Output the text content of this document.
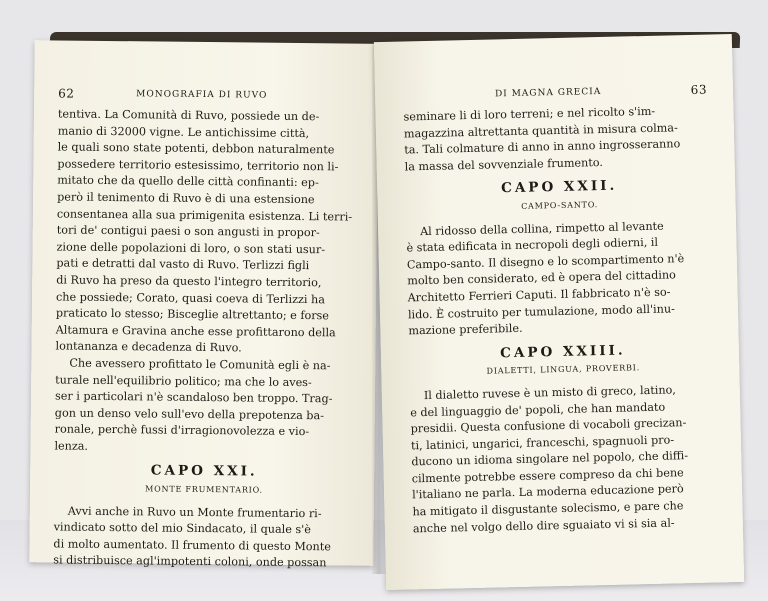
62	MONOGRAFIA DI RUVO

tentiva. La Comunità di Ruvo, possiede un de-
manio di 32000 vigne. Le antichissime città,
le quali sono state potenti, debbon naturalmente
possedere territorio estesissimo, territorio non li-
mitato che da quello delle città confinanti: ep-
però il tenimento di Ruvo è di una estensione
consentanea alla sua primigenita esistenza. Li terri-
tori de' contigui paesi o son angusti in propor-
zione delle popolazioni di loro, o son stati usur-
pati e detratti dal vasto di Ruvo. Terlizzi figli
di Ruvo ha preso da questo l'integro territorio,
che possiede; Corato, quasi coeva di Terlizzi ha
praticato lo stesso; Bisceglie altrettanto; e forse
Altamura e Gravina anche esse profittarono della
lontananza e decadenza di Ruvo.

Che avessero profittato le Comunità egli è na-
turale nell'equilibrio politico; ma che lo aves-
ser i particolari n'è scandaloso ben troppo. Trag-
gon un denso velo sull'evo della prepotenza ba-
ronale, perchè fussi d'irragionovolezza e vio-
lenza.

CAPO XXI.
MONTE FRUMENTARIO.

Avvi anche in Ruvo un Monte frumentario ri-
vindicato sotto del mio Sindacato, il quale s'è
di molto aumentato. Il frumento di questo Monte
si distribuisce agl'impotenti coloni, onde possan

DI MAGNA GRECIA	63

seminare li di loro terreni; e nel ricolto s'im-
magazzina altrettanta quantità in misura colma-
ta. Tali colmature di anno in anno ingrosseranno
la massa del sovvenziale frumento.

CAPO XXII.
CAMPO-SANTO.

Al ridosso della collina, rimpetto al levante
è stata edificata in necropoli degli odierni, il
Campo-santo. Il disegno e lo scompartimento n'è
molto ben considerato, ed è opera del cittadino
Architetto Ferrieri Caputi. Il fabbricato n'è so-
lido. È costruito per tumulazione, modo all'inu-
mazione preferibile.

CAPO XXIII.
DIALETTI, LINGUA, PROVERBI.

Il dialetto ruvese è un misto di greco, latino,
e del linguaggio de' popoli, che han mandato
presidii. Questa confusione di vocaboli grecizan-
ti, latinici, ungarici, franceschi, spagnuoli pro-
ducono un idioma singolare nel popolo, che diffi-
cilmente potrebbe essere compreso da chi bene
l'italiano ne parla. La moderna educazione però
ha mitigato il disgustante solecismo, e pare che
anche nel volgo dello dire sguaiato vi si sia al-
